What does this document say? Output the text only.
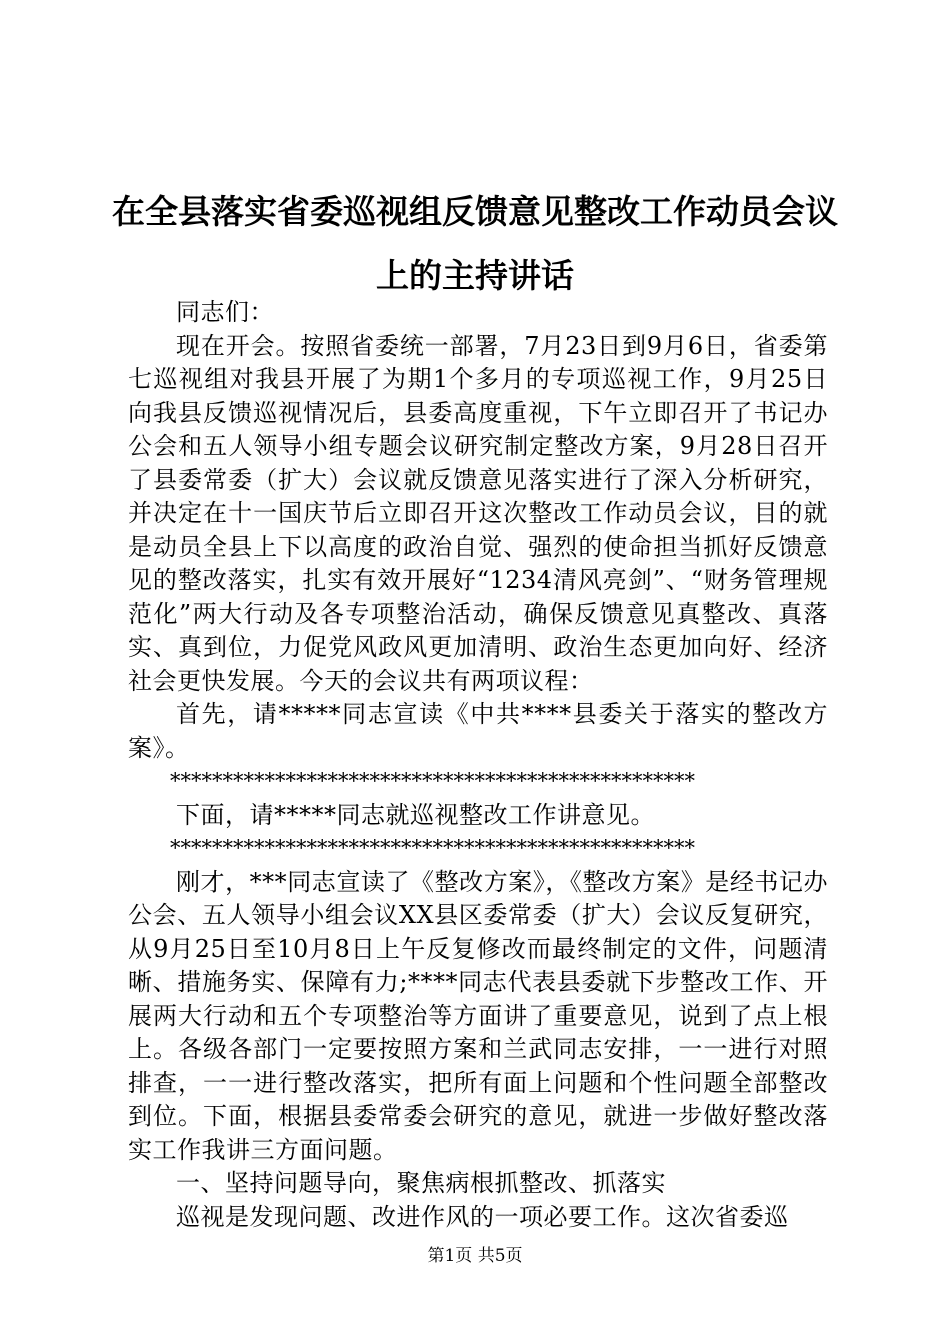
在全县落实省委巡视组反馈意见整改工作动员会议上的主持讲话

同志们：

现在开会。按照省委统一部署，7月23日到9月6日，省委第七巡视组对我县开展了为期1个多月的专项巡视工作，9月25日向我县反馈巡视情况后，县委高度重视，下午立即召开了书记办公会和五人领导小组专题会议研究制定整改方案，9月28日召开了县委常委（扩大）会议就反馈意见落实进行了深入分析研究，并决定在十一国庆节后立即召开这次整改工作动员会议，目的就是动员全县上下以高度的政治自觉、强烈的使命担当抓好反馈意见的整改落实，扎实有效开展好“1234清风亮剑”、“财务管理规范化”两大行动及各专项整治活动，确保反馈意见真整改、真落实、真到位，力促党风政风更加清明、政治生态更加向好、经济社会更快发展。今天的会议共有两项议程：

首先，请*****同志宣读《中共****县委关于落实的整改方案》。

**************************************************

下面，请*****同志就巡视整改工作讲意见。

**************************************************

刚才，***同志宣读了《整改方案》，《整改方案》是经书记办公会、五人领导小组会议XX县区委常委（扩大）会议反复研究，从9月25日至10月8日上午反复修改而最终制定的文件，问题清晰、措施务实、保障有力;****同志代表县委就下步整改工作、开展两大行动和五个专项整治等方面讲了重要意见，说到了点上根上。各级各部门一定要按照方案和兰武同志安排，一一进行对照排查，一一进行整改落实，把所有面上问题和个性问题全部整改到位。下面，根据县委常委会研究的意见，就进一步做好整改落实工作我讲三方面问题。

一、坚持问题导向，聚焦病根抓整改、抓落实

巡视是发现问题、改进作风的一项必要工作。这次省委巡

第1页 共5页
